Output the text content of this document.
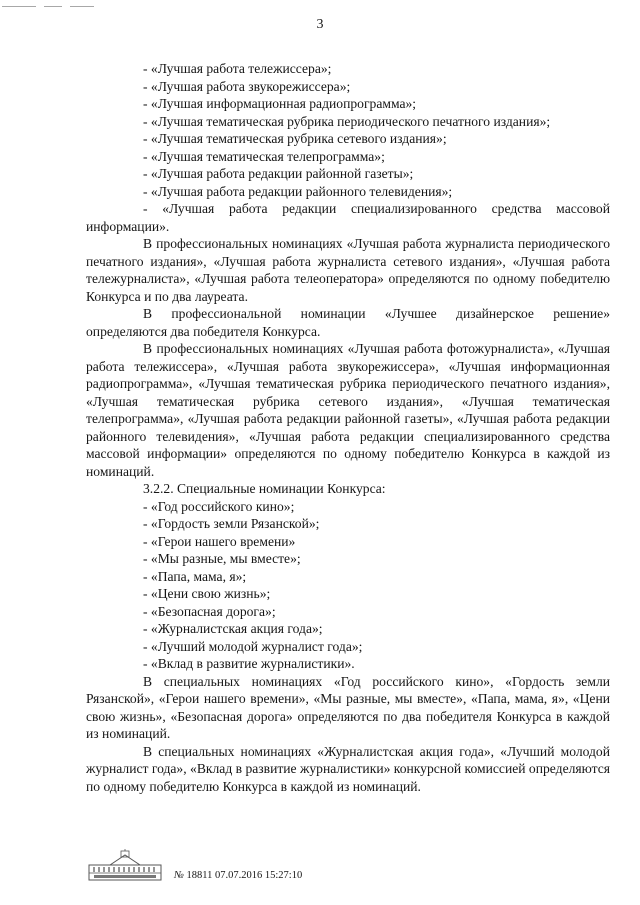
3
- «Лучшая работа тележиссера»;
- «Лучшая работа звукорежиссера»;
- «Лучшая информационная радиопрограмма»;
- «Лучшая тематическая рубрика периодического печатного издания»;
- «Лучшая тематическая рубрика сетевого издания»;
- «Лучшая тематическая телепрограмма»;
- «Лучшая работа редакции районной газеты»;
- «Лучшая работа редакции районного телевидения»;
- «Лучшая работа редакции специализированного средства массовой информации».
В профессиональных номинациях «Лучшая работа журналиста периодического печатного издания», «Лучшая работа журналиста сетевого издания», «Лучшая работа тележурналиста», «Лучшая работа телеоператора» определяются по одному победителю Конкурса и по два лауреата.
В профессиональной номинации «Лучшее дизайнерское решение» определяются два победителя Конкурса.
В профессиональных номинациях «Лучшая работа фотожурналиста», «Лучшая работа тележиссера», «Лучшая работа звукорежиссера», «Лучшая информационная радиопрограмма», «Лучшая тематическая рубрика периодического печатного издания», «Лучшая тематическая рубрика сетевого издания», «Лучшая тематическая телепрограмма», «Лучшая работа редакции районной газеты», «Лучшая работа редакции районного телевидения», «Лучшая работа редакции специализированного средства массовой информации» определяются по одному победителю Конкурса в каждой из номинаций.
3.2.2. Специальные номинации Конкурса:
- «Год российского кино»;
- «Гордость земли Рязанской»;
- «Герои нашего времени»
- «Мы разные, мы вместе»;
- «Папа, мама, я»;
- «Цени свою жизнь»;
- «Безопасная дорога»;
- «Журналистская акция года»;
- «Лучший молодой журналист года»;
- «Вклад в развитие журналистики».
В специальных номинациях «Год российского кино», «Гордость земли Рязанской», «Герои нашего времени», «Мы разные, мы вместе», «Папа, мама, я», «Цени свою жизнь», «Безопасная дорога» определяются по два победителя Конкурса в каждой из номинаций.
В специальных номинациях «Журналистская акция года», «Лучший молодой журналист года», «Вклад в развитие журналистики» конкурсной комиссией определяются по одному победителю Конкурса в каждой из номинаций.
№ 18811 07.07.2016 15:27:10
